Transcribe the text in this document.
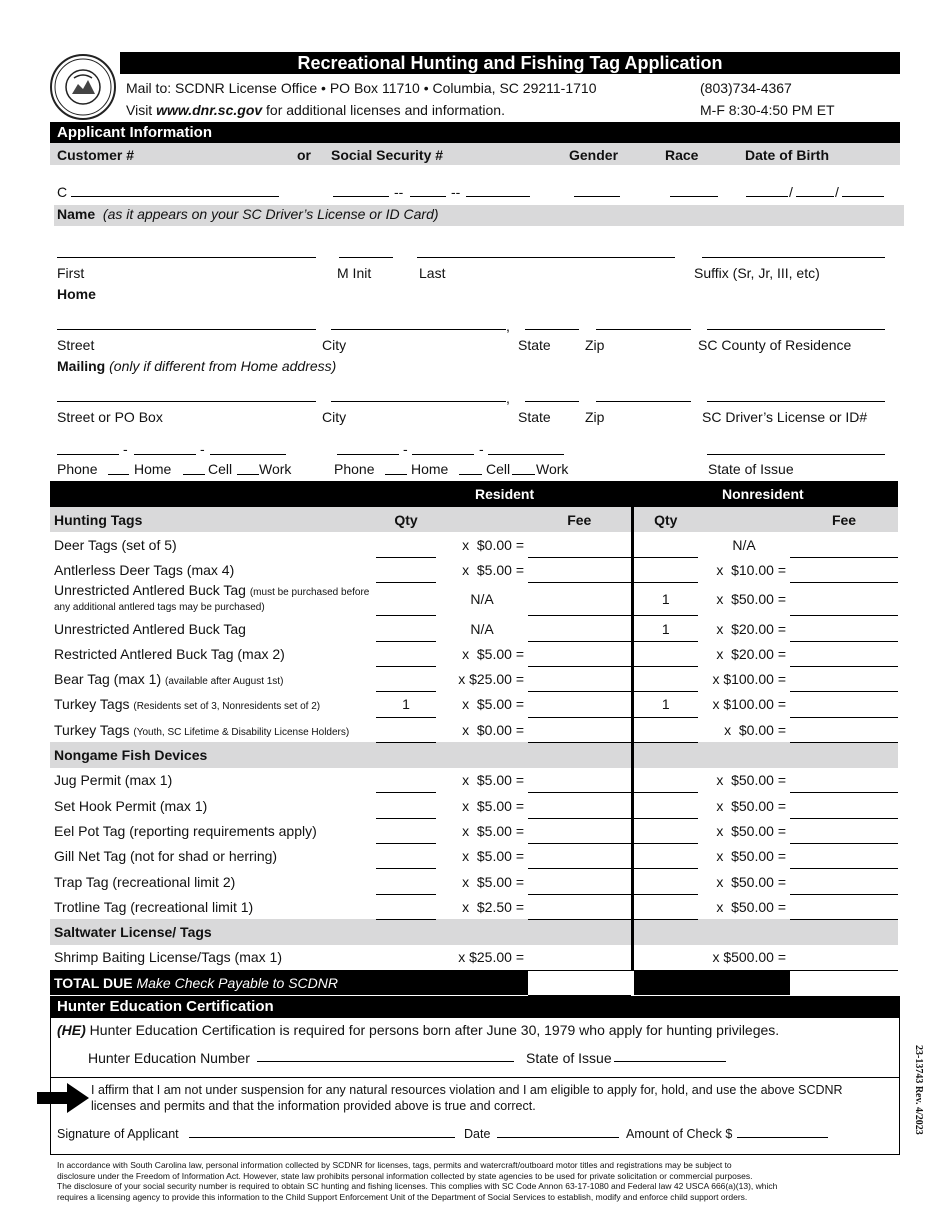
Recreational Hunting and Fishing Tag Application
Mail to: SCDNR License Office • PO Box 11710 • Columbia, SC 29211-1710
Visit www.dnr.sc.gov for additional licenses and information.
(803)734-4367
M-F 8:30-4:50 PM ET
Applicant Information
Customer #	or Social Security #	Gender	Race	Date of Birth
C	--	--	/	/
Name (as it appears on your SC Driver’s License or ID Card)
First	M Init	Last	Suffix (Sr, Jr, III, etc)
Home
,
Street	City	State Zip	SC County of Residence
Mailing (only if different from Home address)
,
Street or PO Box	City	State Zip	SC Driver’s License or ID#
-	-	-	-
Phone	Home	Cell Work	Phone	Home	Cell Work	State of Issue
Resident	Nonresident
Hunting Tags	Qty		Fee	Qty		Fee
Deer Tags (set of 5)		x $0.00 =			N/A	
Antlerless Deer Tags (max 4)		x $5.00 =			x $10.00 =	
Unrestricted Antlered Buck Tag (must be purchased before any additional antlered tags may be purchased)		N/A		1	x $50.00 =	
Unrestricted Antlered Buck Tag		N/A		1	x $20.00 =	
Restricted Antlered Buck Tag (max 2)		x $5.00 =			x $20.00 =	
Bear Tag (max 1) (available after August 1st)		x $25.00 =			x $100.00 =	
Turkey Tags (Residents set of 3, Nonresidents set of 2)	1	x $5.00 =		1	x $100.00 =	
Turkey Tags (Youth, SC Lifetime & Disability License Holders)		x $0.00 =			x $0.00 =	
Nongame Fish Devices						
Jug Permit (max 1)		x $5.00 =			x $50.00 =	
Set Hook Permit (max 1)		x $5.00 =			x $50.00 =	
Eel Pot Tag (reporting requirements apply)		x $5.00 =			x $50.00 =	
Gill Net Tag (not for shad or herring)		x $5.00 =			x $50.00 =	
Trap Tag (recreational limit 2)		x $5.00 =			x $50.00 =	
Trotline Tag (recreational limit 1)		x $2.50 =			x $50.00 =	
Saltwater License/ Tags						
Shrimp Baiting License/Tags (max 1)		x $25.00 =			x $500.00 =	
TOTAL DUE Make Check Payable to SCDNR						
Hunter Education Certification
(HE) Hunter Education Certification is required for persons born after June 30, 1979 who apply for hunting privileges.
Hunter Education Number	State of Issue
I affirm that I am not under suspension for any natural resources violation and I am eligible to apply for, hold, and use the above SCDNR
licenses and permits and that the information provided above is true and correct.
Signature of Applicant	Date	Amount of Check $	23-13743 Rev. 4/2023
In accordance with South Carolina law, personal information collected by SCDNR for licenses, tags, permits and watercraft/outboard motor titles and registrations may be subject to
disclosure under the Freedom of Information Act. However, state law prohibits personal information collected by state agencies to be used for private solicitation or commercial purposes.
The disclosure of your social security number is required to obtain SC hunting and fishing licenses. This complies with SC Code Annon 63-17-1080 and Federal law 42 USCA 666(a)(13), which
requires a licensing agency to provide this information to the Child Support Enforcement Unit of the Department of Social Services to establish, modify and enforce child support orders.
